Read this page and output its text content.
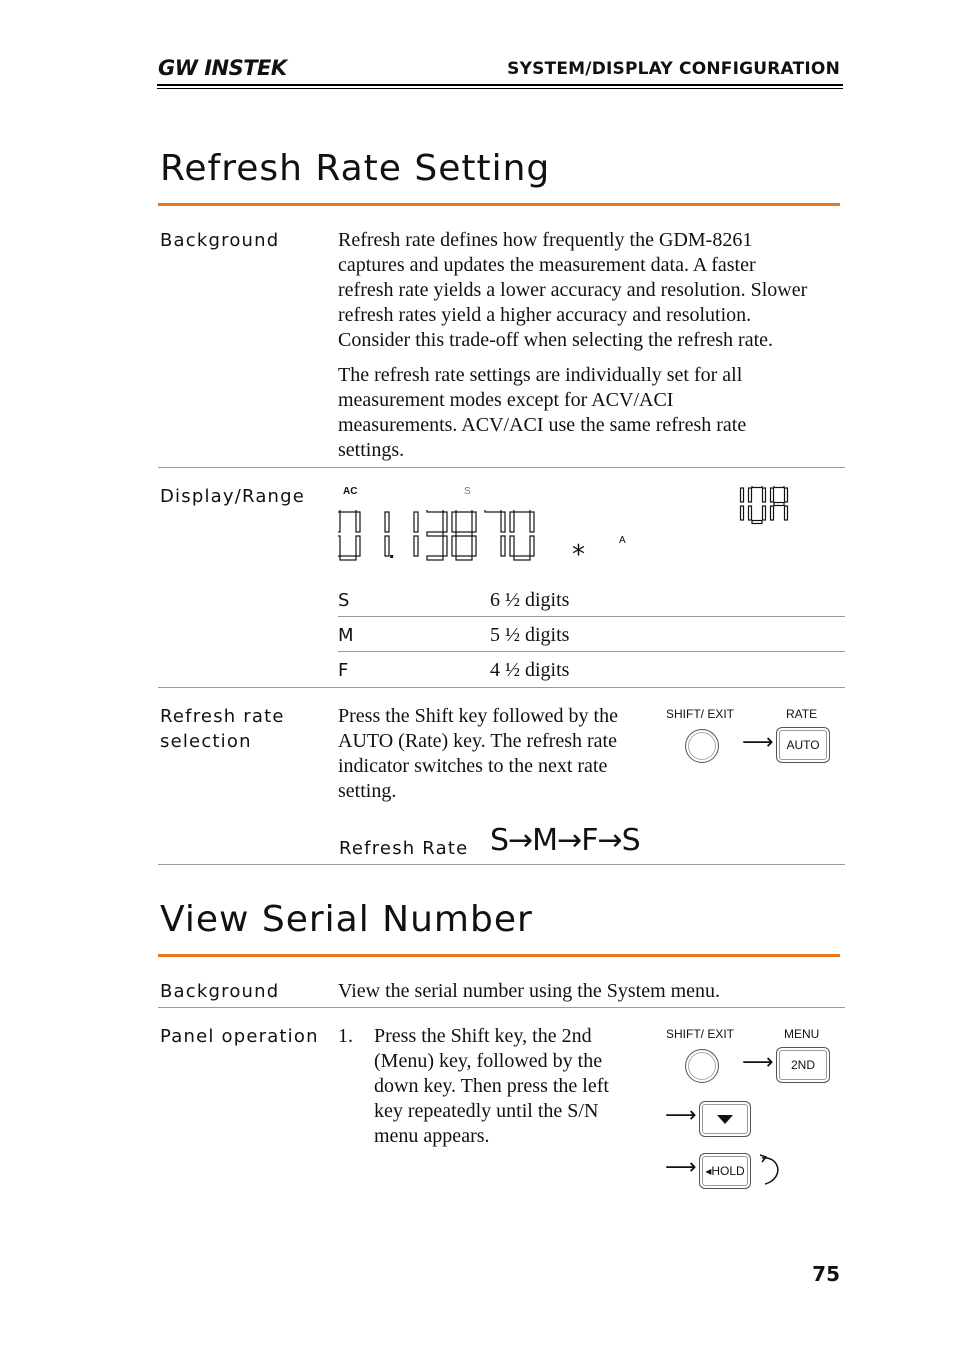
GW INSTEK	SYSTEM/DISPLAY CONFIGURATION
Refresh Rate Setting
Background	Refresh rate defines how frequently the GDM-8261
captures and updates the measurement data. A faster
refresh rate yields a lower accuracy and resolution. Slower
refresh rates yield a higher accuracy and resolution.
Consider this trade-off when selecting the refresh rate.
The refresh rate settings are individually set for all
measurement modes except for ACV/ACI
measurements. ACV/ACI use the same refresh rate
settings.
Display/Range	AC	S
A
*
S	6 ½ digits
M	5 ½ digits
F	4 ½ digits
Refresh rate
selection
Press the Shift key followed by the
AUTO (Rate) key. The refresh rate
indicator switches to the next rate
setting.
SHIFT/ EXIT	RATE
⟶	AUTO
Refresh Rate S→M→F→S
View Serial Number
Background	View the serial number using the System menu.
Panel operation 1. Press the Shift key, the 2nd
(Menu) key, followed by the
down key. Then press the left
key repeatedly until the S/N
menu appears.
SHIFT/ EXIT	MENU
⟶	2ND
⟶
⟶ ◂HOLD
75
